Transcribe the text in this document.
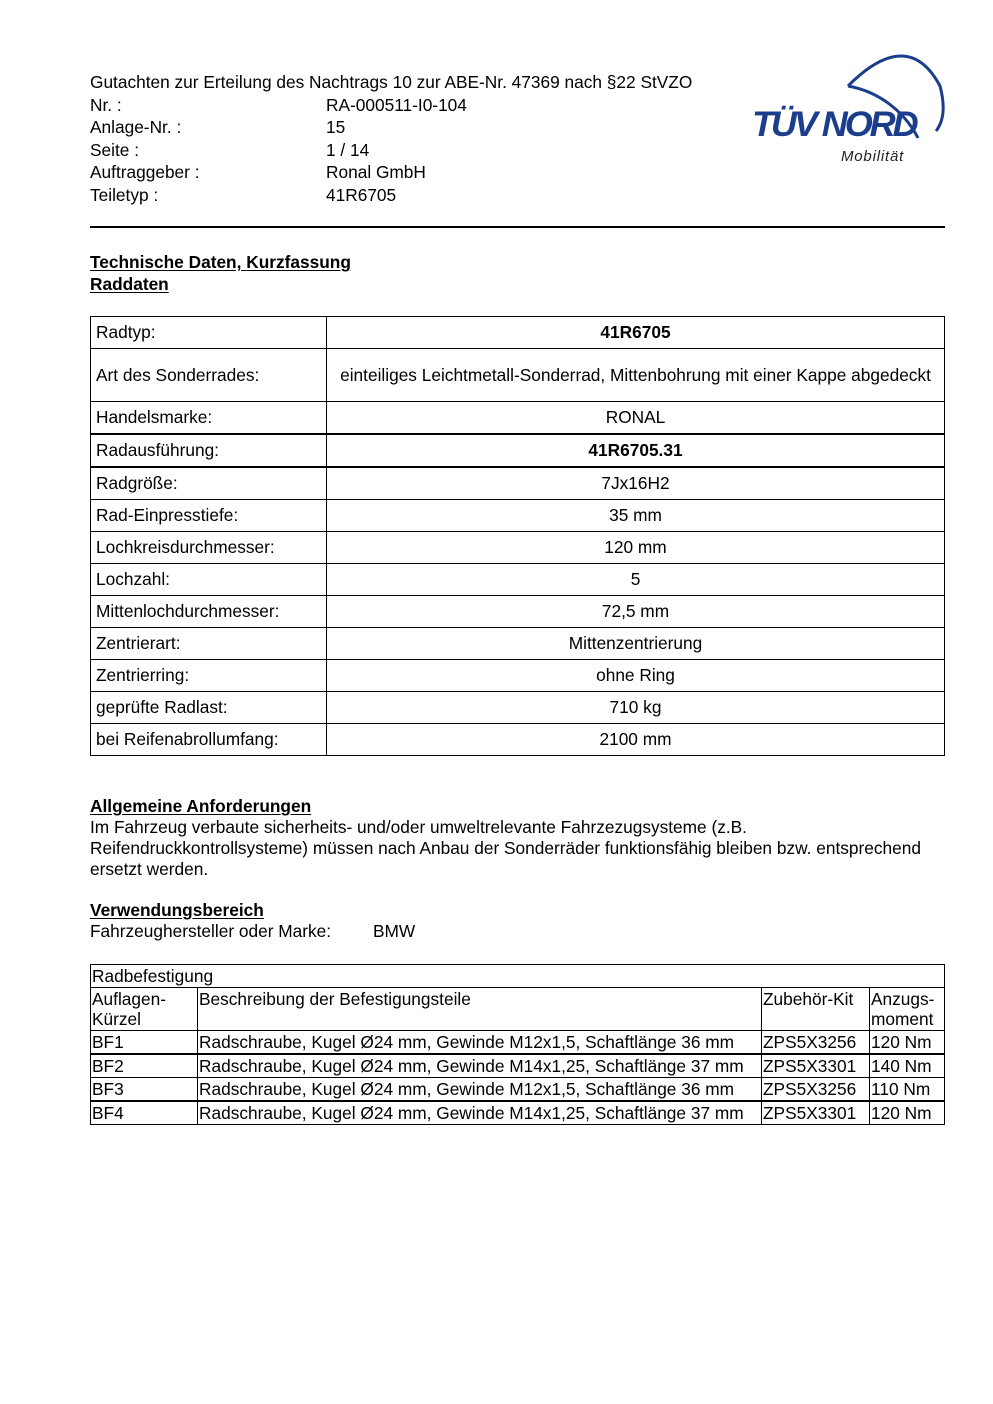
Gutachten zur Erteilung des Nachtrags 10 zur ABE-Nr. 47369 nach §22 StVZO
Nr. :	RA-000511-I0-104
Anlage-Nr. :	15
Seite :	1 / 14
Auftraggeber :	Ronal GmbH
Teiletyp :	41R6705
TÜV NORD
Mobilität
Technische Daten, Kurzfassung
Raddaten
Radtyp:	41R6705
Art des Sonderrades:	einteiliges Leichtmetall-Sonderrad, Mittenbohrung mit einer Kappe abgedeckt
Handelsmarke:	RONAL
Radausführung:	41R6705.31
Radgröße:	7Jx16H2
Rad-Einpresstiefe:	35 mm
Lochkreisdurchmesser:	120 mm
Lochzahl:	5
Mittenlochdurchmesser:	72,5 mm
Zentrierart:	Mittenzentrierung
Zentrierring:	ohne Ring
geprüfte Radlast:	710 kg
bei Reifenabrollumfang:	2100 mm
Allgemeine Anforderungen
Im Fahrzeug verbaute sicherheits- und/oder umweltrelevante Fahrzezugsysteme (z.B. Reifendruckkontrollsysteme) müssen nach Anbau der Sonderräder funktionsfähig bleiben bzw. entsprechend ersetzt werden.
Verwendungsbereich
Fahrzeughersteller oder Marke:	BMW
Radbefestigung			
Auflagen-Kürzel	Beschreibung der Befestigungsteile	Zubehör-Kit	Anzugs-moment
BF1	Radschraube, Kugel Ø24 mm, Gewinde M12x1,5, Schaftlänge 36 mm	ZPS5X3256	120 Nm
BF2	Radschraube, Kugel Ø24 mm, Gewinde M14x1,25, Schaftlänge 37 mm	ZPS5X3301	140 Nm
BF3	Radschraube, Kugel Ø24 mm, Gewinde M12x1,5, Schaftlänge 36 mm	ZPS5X3256	110 Nm
BF4	Radschraube, Kugel Ø24 mm, Gewinde M14x1,25, Schaftlänge 37 mm	ZPS5X3301	120 Nm
